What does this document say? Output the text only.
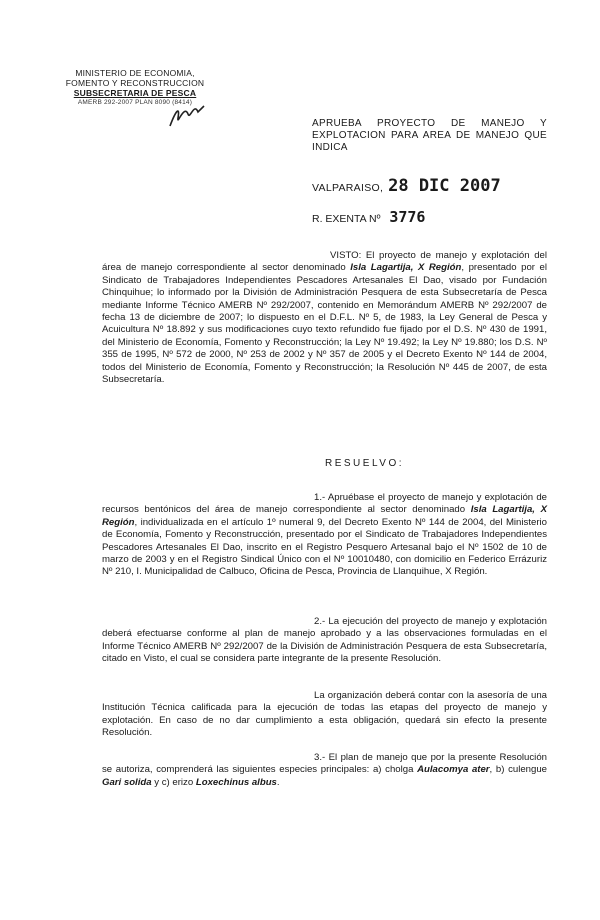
MINISTERIO DE ECONOMIA,
FOMENTO Y RECONSTRUCCION
SUBSECRETARIA DE PESCA
AMERB 292-2007 PLAN 8090 (8414)
APRUEBA PROYECTO DE MANEJO Y EXPLOTACION PARA AREA DE MANEJO QUE INDICA
VALPARAISO, 28 DIC 2007
R. EXENTA Nº 3776
VISTO: El proyecto de manejo y explotación del área de manejo correspondiente al sector denominado Isla Lagartija, X Región, presentado por el Sindicato de Trabajadores Independientes Pescadores Artesanales El Dao, visado por Fundación Chinquihue; lo informado por la División de Administración Pesquera de esta Subsecretaría de Pesca mediante Informe Técnico AMERB Nº 292/2007, contenido en Memorándum AMERB Nº 292/2007 de fecha 13 de diciembre de 2007; lo dispuesto en el D.F.L. Nº 5, de 1983, la Ley General de Pesca y Acuicultura Nº 18.892 y sus modificaciones cuyo texto refundido fue fijado por el D.S. Nº 430 de 1991, del Ministerio de Economía, Fomento y Reconstrucción; la Ley Nº 19.492; la Ley Nº 19.880; los D.S. Nº 355 de 1995, Nº 572 de 2000, Nº 253 de 2002 y Nº 357 de 2005 y el Decreto Exento Nº 144 de 2004, todos del Ministerio de Economía, Fomento y Reconstrucción; la Resolución Nº 445 de 2007, de esta Subsecretaría.
RESUELVO:
1.- Apruébase el proyecto de manejo y explotación de recursos bentónicos del área de manejo correspondiente al sector denominado Isla Lagartija, X Región, individualizada en el artículo 1º numeral 9, del Decreto Exento Nº 144 de 2004, del Ministerio de Economía, Fomento y Reconstrucción, presentado por el Sindicato de Trabajadores Independientes Pescadores Artesanales El Dao, inscrito en el Registro Pesquero Artesanal bajo el Nº 1502 de 10 de marzo de 2003 y en el Registro Sindical Único con el Nº 10010480, con domicilio en Federico Errázuriz Nº 210, I. Municipalidad de Calbuco, Oficina de Pesca, Provincia de Llanquihue, X Región.
2.- La ejecución del proyecto de manejo y explotación deberá efectuarse conforme al plan de manejo aprobado y a las observaciones formuladas en el Informe Técnico AMERB Nº 292/2007 de la División de Administración Pesquera de esta Subsecretaría, citado en Visto, el cual se considera parte integrante de la presente Resolución.
La organización deberá contar con la asesoría de una Institución Técnica calificada para la ejecución de todas las etapas del proyecto de manejo y explotación. En caso de no dar cumplimiento a esta obligación, quedará sin efecto la presente Resolución.
3.- El plan de manejo que por la presente Resolución se autoriza, comprenderá las siguientes especies principales: a) cholga Aulacomya ater, b) culengue Gari solida y c) erizo Loxechinus albus.
